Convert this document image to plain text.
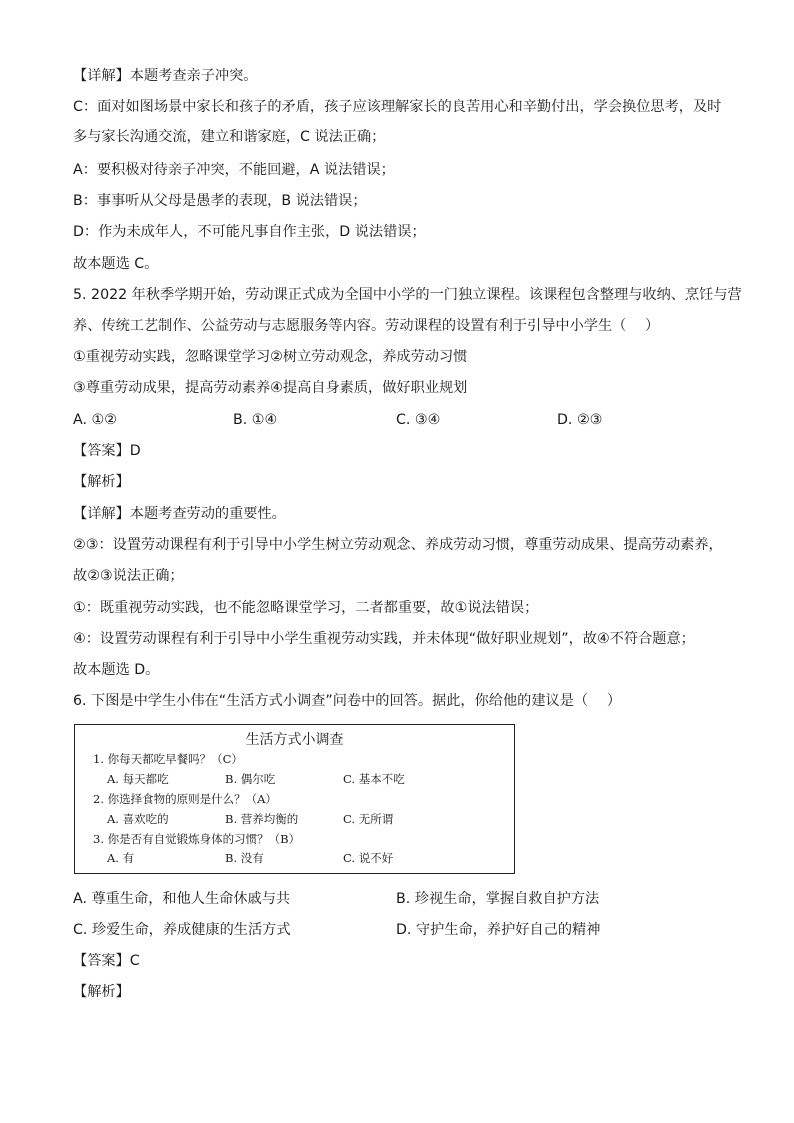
【详解】本题考查亲子冲突。
C：面对如图场景中家长和孩子的矛盾，孩子应该理解家长的良苦用心和辛勤付出，学会换位思考，及时
多与家长沟通交流，建立和谐家庭，C 说法正确；
A：要积极对待亲子冲突，不能回避，A 说法错误；
B：事事听从父母是愚孝的表现，B 说法错误；
D：作为未成年人，不可能凡事自作主张，D 说法错误；
故本题选 C。
5. 2022 年秋季学期开始，劳动课正式成为全国中小学的一门独立课程。该课程包含整理与收纳、烹饪与营
养、传统工艺制作、公益劳动与志愿服务等内容。劳动课程的设置有利于引导中小学生（　 ）
①重视劳动实践，忽略课堂学习②树立劳动观念，养成劳动习惯
③尊重劳动成果，提高劳动素养④提高自身素质，做好职业规划
A. ①②	B. ①④	C. ③④	D. ②③
【答案】D
【解析】
【详解】本题考查劳动的重要性。
②③：设置劳动课程有利于引导中小学生树立劳动观念、养成劳动习惯，尊重劳动成果、提高劳动素养，
故②③说法正确；
①：既重视劳动实践，也不能忽略课堂学习，二者都重要，故①说法错误；
④：设置劳动课程有利于引导中小学生重视劳动实践，并未体现“做好职业规划”，故④不符合题意；
故本题选 D。
6. 下图是中学生小伟在“生活方式小调查”问卷中的回答。据此，你给他的建议是（　 ）
生活方式小调查
1. 你每天都吃早餐吗？（C）
A. 每天都吃	B. 偶尔吃	C. 基本不吃
2. 你选择食物的原则是什么？（A）
A. 喜欢吃的	B. 营养均衡的	C. 无所谓
3. 你是否有自觉锻炼身体的习惯？（B）
A. 有	B. 没有	C. 说不好
A. 尊重生命，和他人生命休戚与共	B. 珍视生命，掌握自救自护方法
C. 珍爱生命，养成健康的生活方式	D. 守护生命，养护好自己的精神
【答案】C
【解析】
